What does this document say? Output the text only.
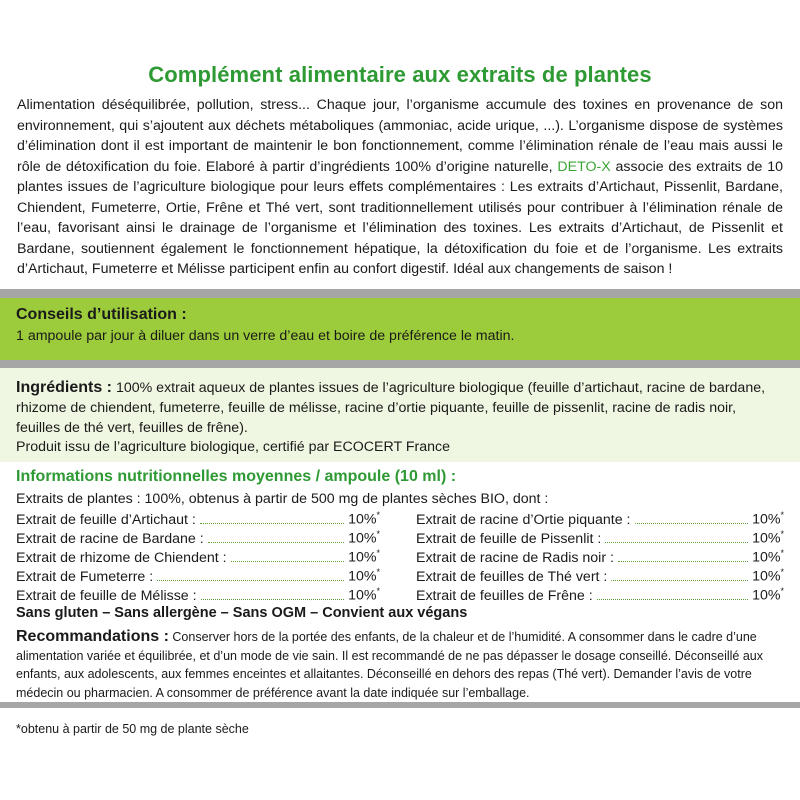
Complément alimentaire aux extraits de plantes
Alimentation déséquilibrée, pollution, stress... Chaque jour, l’organisme accumule des toxines en provenance de son environnement, qui s’ajoutent aux déchets métaboliques (ammoniac, acide urique, ...). L’organisme dispose de systèmes d’élimination dont il est important de maintenir le bon fonctionnement, comme l’élimination rénale de l’eau mais aussi le rôle de détoxification du foie. Elaboré à partir d’ingrédients 100% d’origine naturelle, DETO-X associe des extraits de 10 plantes issues de l’agriculture biologique pour leurs effets complémentaires : Les extraits d’Artichaut, Pissenlit, Bardane, Chiendent, Fumeterre, Ortie, Frêne et Thé vert, sont traditionnellement utilisés pour contribuer à l’élimination rénale de l’eau, favorisant ainsi le drainage de l’organisme et l’élimination des toxines. Les extraits d’Artichaut, de Pissenlit et Bardane, soutiennent également le fonctionnement hépatique, la détoxification du foie et de l’organisme. Les extraits d’Artichaut, Fumeterre et Mélisse participent enfin au confort digestif. Idéal aux changements de saison !
Conseils d’utilisation :
1 ampoule par jour à diluer dans un verre d’eau et boire de préférence le matin.
Ingrédients : 100% extrait aqueux de plantes issues de l’agriculture biologique (feuille d’artichaut, racine de bardane, rhizome de chiendent, fumeterre, feuille de mélisse, racine d’ortie piquante, feuille de pissenlit, racine de radis noir, feuilles de thé vert, feuilles de frêne).
Produit issu de l’agriculture biologique, certifié par ECOCERT France
Informations nutritionnelles moyennes / ampoule (10 ml) :
Extraits de plantes : 100%, obtenus à partir de 500 mg de plantes sèches BIO, dont :
Extrait de feuille d’Artichaut :	10%*
Extrait de racine de Bardane :	10%*
Extrait de rhizome de Chiendent :	10%*
Extrait de Fumeterre :	10%*
Extrait de feuille de Mélisse :	10%*
Extrait de racine d’Ortie piquante :	10%*
Extrait de feuille de Pissenlit :	10%*
Extrait de racine de Radis noir :	10%*
Extrait de feuilles de Thé vert :	10%*
Extrait de feuilles de Frêne :	10%*
Sans gluten – Sans allergène – Sans OGM – Convient aux végans
Recommandations : Conserver hors de la portée des enfants, de la chaleur et de l’humidité. A consommer dans le cadre d’une alimentation variée et équilibrée, et d’un mode de vie sain. Il est recommandé de ne pas dépasser le dosage conseillé. Déconseillé aux enfants, aux adolescents, aux femmes enceintes et allaitantes. Déconseillé en dehors des repas (Thé vert). Demander l’avis de votre médecin ou pharmacien. A consommer de préférence avant la date indiquée sur l’emballage.
*obtenu à partir de 50 mg de plante sèche
